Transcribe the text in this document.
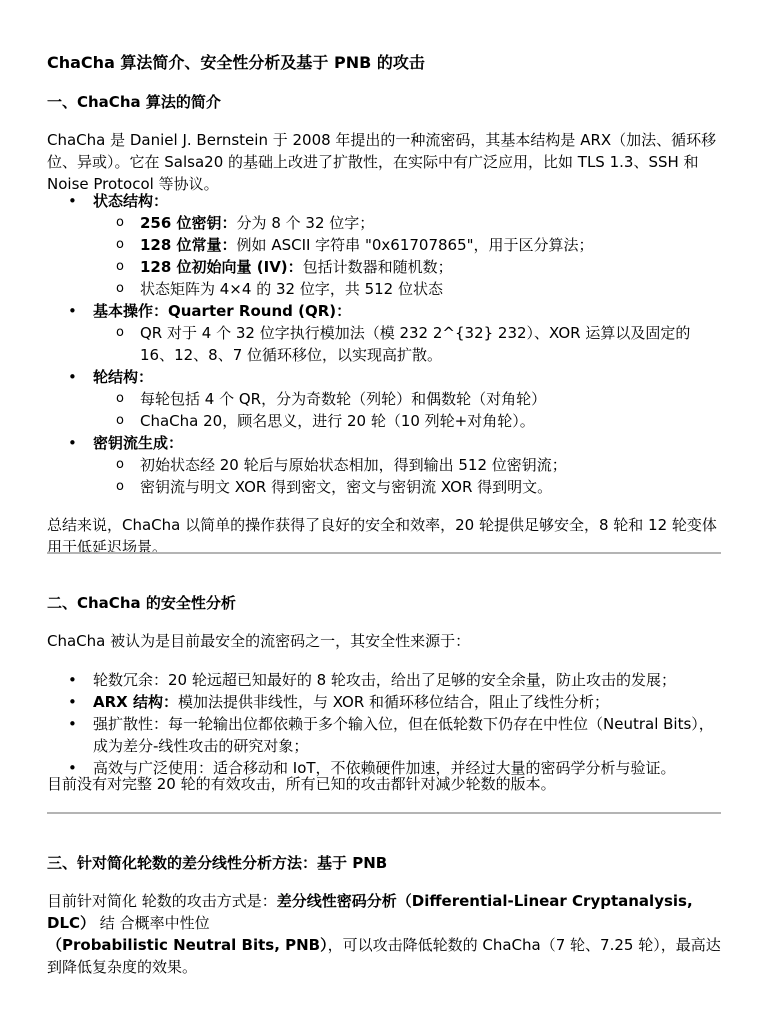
ChaCha 算法简介、安全性分析及基于 PNB 的攻击
一、ChaCha 算法的简介

ChaCha 是 Daniel J. Bernstein 于 2008 年提出的一种流密码，其基本结构是 ARX（加法、循环移位、异或）。它在 Salsa20 的基础上改进了扩散性，在实际中有广泛应用，比如 TLS 1.3、SSH 和 Noise Protocol 等协议。

• 状态结构：
o 256 位密钥：分为 8 个 32 位字；
o 128 位常量：例如 ASCII 字符串 "0x61707865"，用于区分算法；
o 128 位初始向量 (IV)：包括计数器和随机数；
o 状态矩阵为 4×4 的 32 位字，共 512 位状态
• 基本操作：Quarter Round (QR)：
o QR 对于 4 个 32 位字执行模加法（模 232 2^{32} 232）、XOR 运算以及固定的 16、12、8、7 位循环移位，以实现高扩散。
• 轮结构：
o 每轮包括 4 个 QR，分为奇数轮（列轮）和偶数轮（对角轮）
o ChaCha 20，顾名思义，进行 20 轮（10 列轮+对角轮）。
• 密钥流生成：
o 初始状态经 20 轮后与原始状态相加，得到输出 512 位密钥流；
o 密钥流与明文 XOR 得到密文，密文与密钥流 XOR 得到明文。

总结来说，ChaCha 以简单的操作获得了良好的安全和效率，20 轮提供足够安全，8 轮和 12 轮变体用于低延迟场景。

二、ChaCha 的安全性分析

ChaCha 被认为是目前最安全的流密码之一，其安全性来源于：

• 轮数冗余：20 轮远超已知最好的 8 轮攻击，给出了足够的安全余量，防止攻击的发展；
• ARX 结构：模加法提供非线性，与 XOR 和循环移位结合，阻止了线性分析；
• 强扩散性：每一轮输出位都依赖于多个输入位，但在低轮数下仍存在中性位（Neutral Bits），成为差分-线性攻击的研究对象；
• 高效与广泛使用：适合移动和 IoT，不依赖硬件加速，并经过大量的密码学分析与验证。

目前没有对完整 20 轮的有效攻击，所有已知的攻击都针对减少轮数的版本。

三、针对简化轮数的差分线性分析方法：基于 PNB

目前针对简化 轮数的攻击方式是：差分线性密码分析（Differential-Linear Cryptanalysis, DLC） 结 合概率中性位
（Probabilistic Neutral Bits, PNB），可以攻击降低轮数的 ChaCha（7 轮、7.25 轮），最高达到降低复杂度的效果。
